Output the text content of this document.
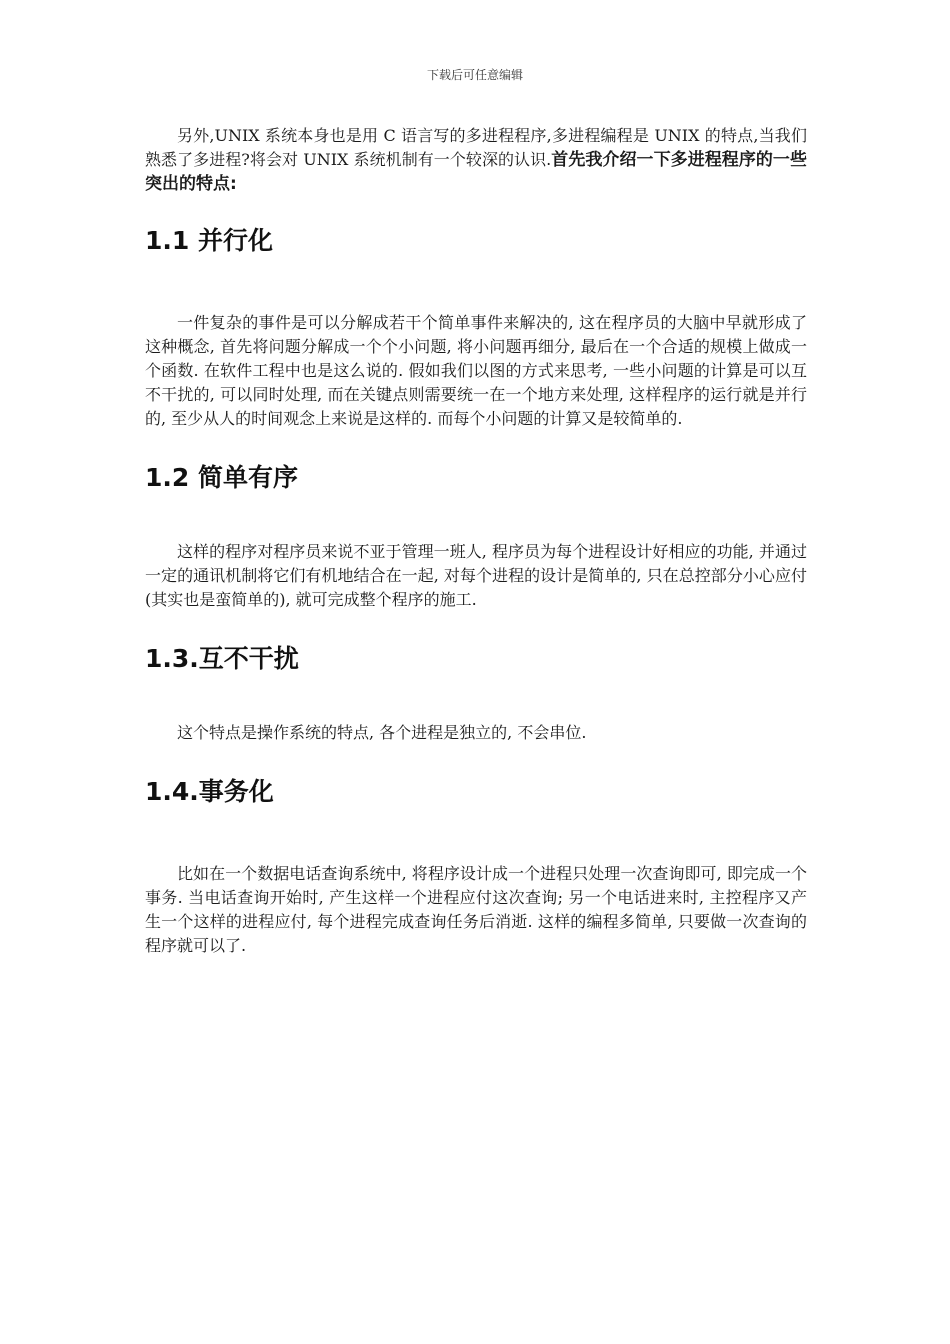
下载后可任意编辑

另外,UNIX 系统本身也是用 C 语言写的多进程程序,多进程编程是 UNIX 的特点,当我们熟悉了多进程?将会对 UNIX 系统机制有一个较深的认识.首先我介绍一下多进程程序的一些突出的特点:

1.1 并行化

一件复杂的事件是可以分解成若干个简单事件来解决的, 这在程序员的大脑中早就形成了这种概念, 首先将问题分解成一个个小问题, 将小问题再细分, 最后在一个合适的规模上做成一个函数. 在软件工程中也是这么说的. 假如我们以图的方式来思考, 一些小问题的计算是可以互不干扰的, 可以同时处理, 而在关键点则需要统一在一个地方来处理, 这样程序的运行就是并行的, 至少从人的时间观念上来说是这样的. 而每个小问题的计算又是较简单的.

1.2 简单有序

这样的程序对程序员来说不亚于管理一班人, 程序员为每个进程设计好相应的功能, 并通过一定的通讯机制将它们有机地结合在一起, 对每个进程的设计是简单的, 只在总控部分小心应付(其实也是蛮简单的), 就可完成整个程序的施工.

1.3.互不干扰

这个特点是操作系统的特点, 各个进程是独立的, 不会串位.

1.4.事务化

比如在一个数据电话查询系统中, 将程序设计成一个进程只处理一次查询即可, 即完成一个事务. 当电话查询开始时, 产生这样一个进程应付这次查询; 另一个电话进来时, 主控程序又产生一个这样的进程应付, 每个进程完成查询任务后消逝. 这样的编程多简单, 只要做一次查询的程序就可以了.
